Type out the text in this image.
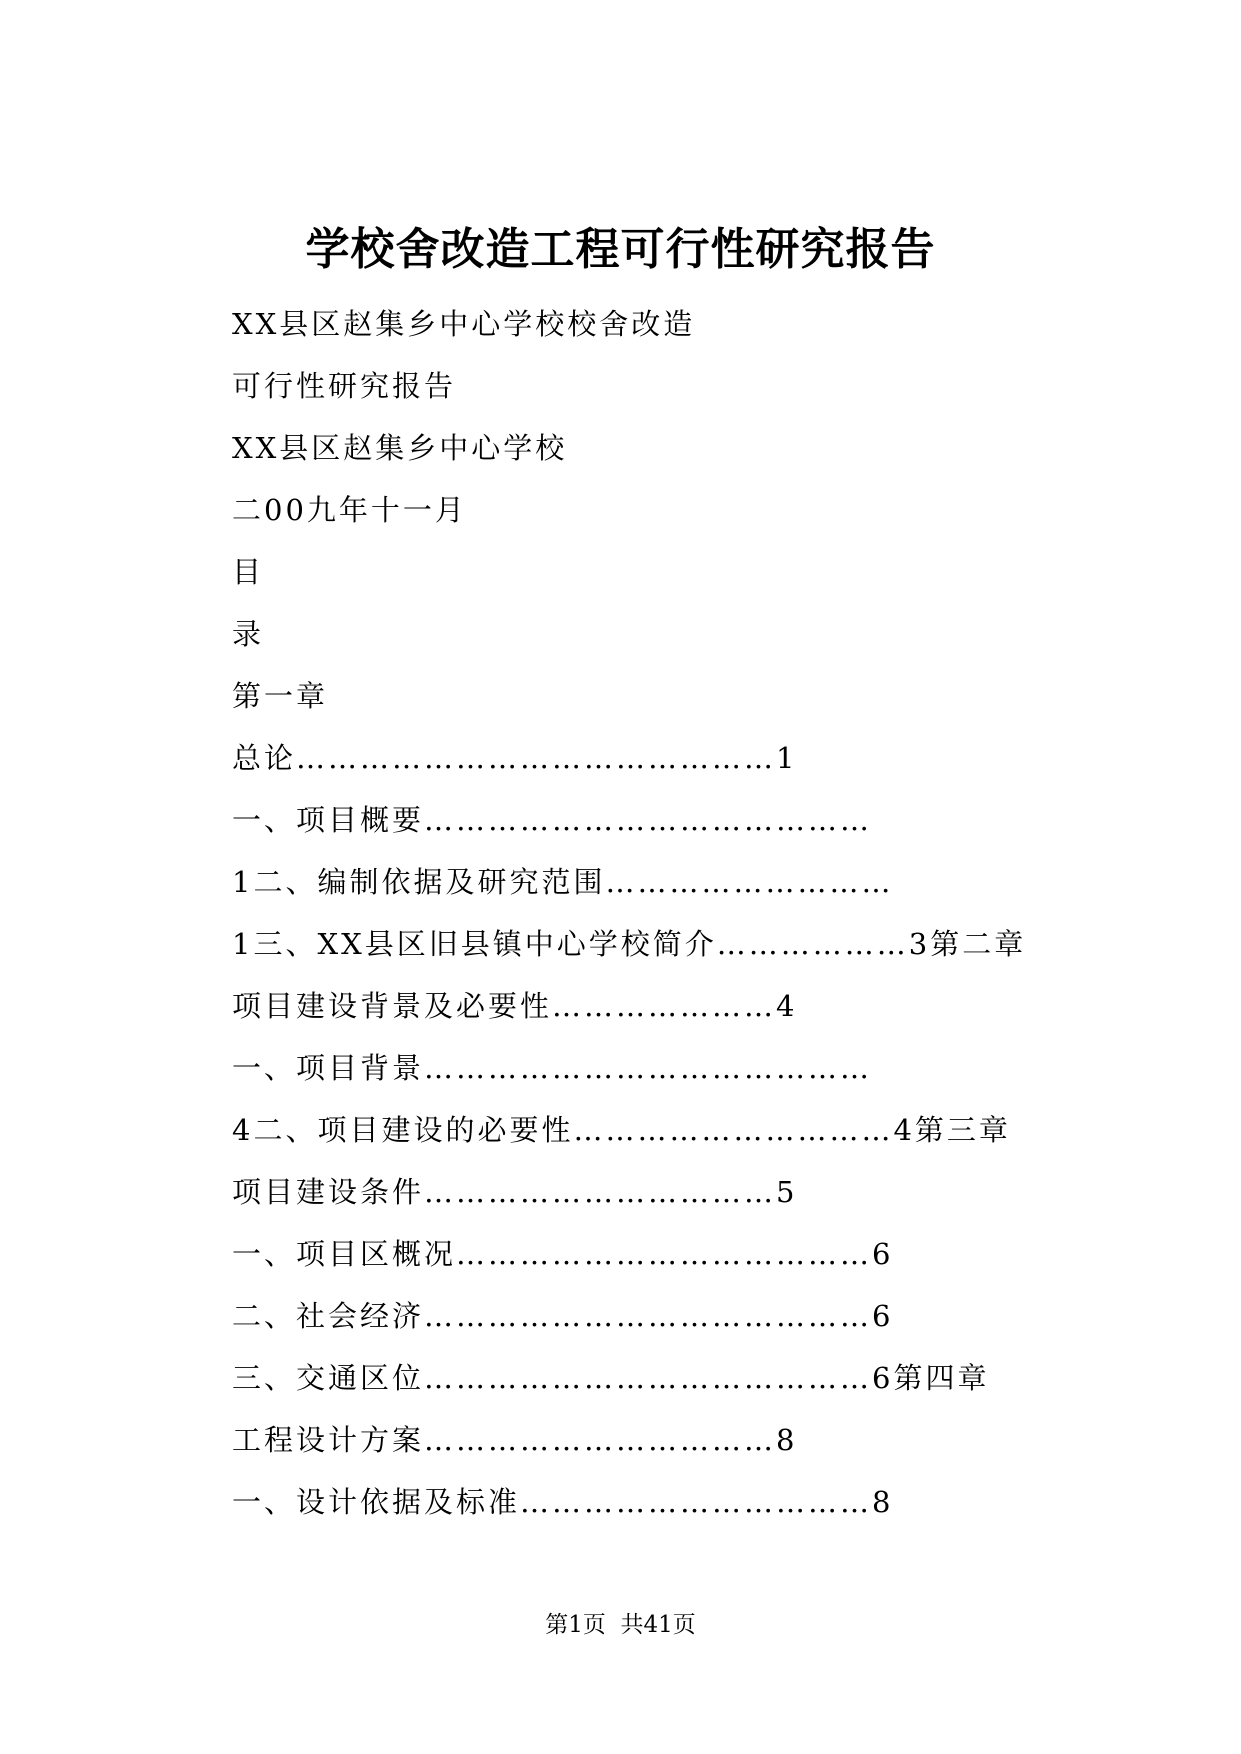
学校舍改造工程可行性研究报告
XX县区赵集乡中心学校校舍改造
可行性研究报告
XX县区赵集乡中心学校
二00九年十一月
目
录
第一章
总论………………………………………1
一、项目概要……………………………………
1二、编制依据及研究范围………………………
1三、XX县区旧县镇中心学校简介………………3第二章
项目建设背景及必要性…………………4
一、项目背景……………………………………
4二、项目建设的必要性…………………………4第三章
项目建设条件……………………………5
一、项目区概况…………………………………6
二、社会经济……………………………………6
三、交通区位……………………………………6第四章
工程设计方案……………………………8
一、设计依据及标准……………………………8
第1页  共41页
